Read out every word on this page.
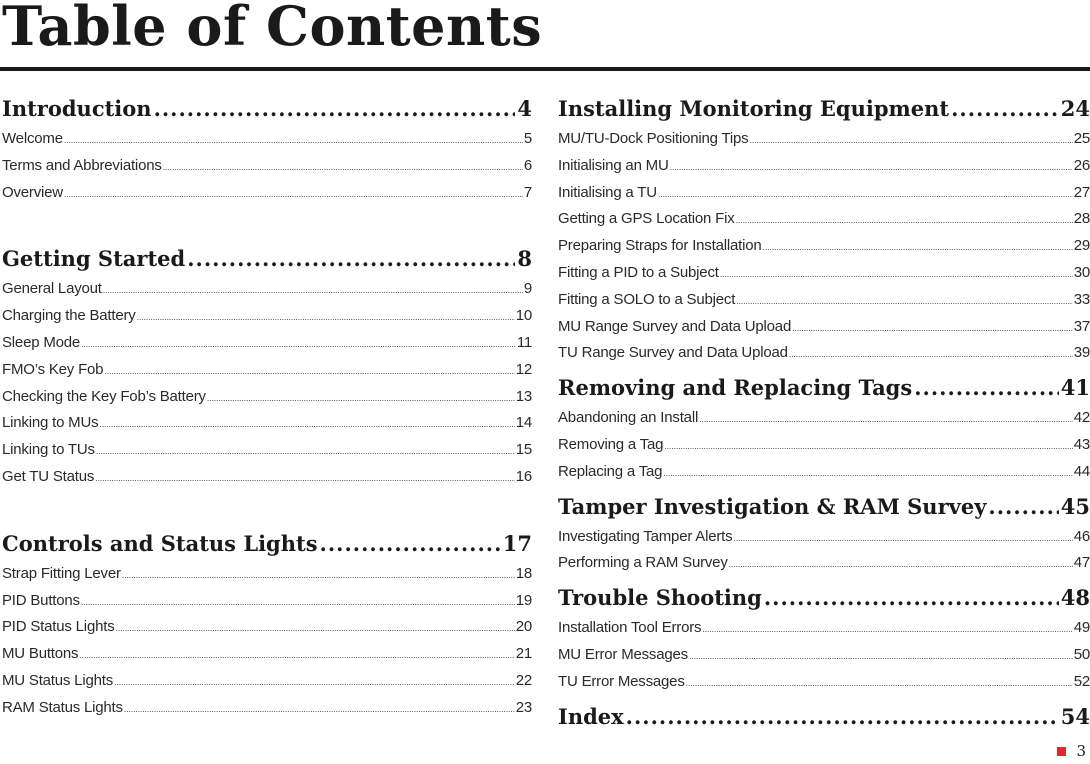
Table of Contents
Introduction .....	4
Welcome .....	5
Terms and Abbreviations .....	6
Overview .....	7
Getting Started .....	8
General Layout .....	9
Charging the Battery .....	10
Sleep Mode .....	11
FMO’s Key Fob .....	12
Checking the Key Fob’s Battery .....	13
Linking to MUs .....	14
Linking to TUs .....	15
Get TU Status .....	16
Controls and Status Lights .....	17
Strap Fitting Lever .....	18
PID Buttons .....	19
PID Status Lights .....	20
MU Buttons .....	21
MU Status Lights .....	22
RAM Status Lights .....	23
Installing Monitoring Equipment .....	24
MU/TU-Dock Positioning Tips .....	25
Initialising an MU .....	26
Initialising a TU .....	27
Getting a GPS Location Fix .....	28
Preparing Straps for Installation .....	29
Fitting a PID to a Subject .....	30
Fitting a SOLO to a Subject .....	33
MU Range Survey and Data Upload .....	37
TU Range Survey and Data Upload .....	39
Removing and Replacing Tags .....	41
Abandoning an Install .....	42
Removing a Tag .....	43
Replacing a Tag .....	44
Tamper Investigation & RAM Survey .....	45
Investigating Tamper Alerts .....	46
Performing a RAM Survey .....	47
Trouble Shooting .....	48
Installation Tool Errors .....	49
MU Error Messages .....	50
TU Error Messages .....	52
Index .....	54
3
